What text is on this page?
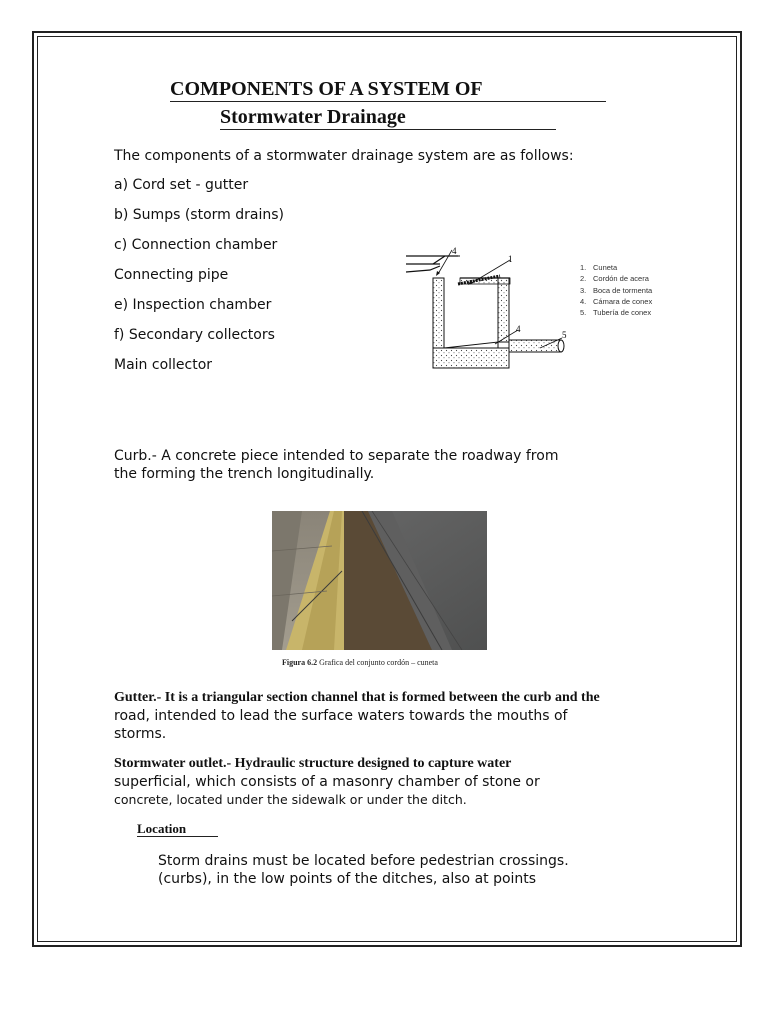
COMPONENTS OF A SYSTEM OF
Stormwater Drainage
The components of a stormwater drainage system are as follows:
a) Cord set - gutter
b) Sumps (storm drains)
c) Connection chamber
Connecting pipe
e) Inspection chamber
f) Secondary collectors
Main collector
4
1
4
5
1. Cuneta
2. Cordón de acera
3. Boca de tormenta
4. Cámara de conex
5. Tubería de conex
Curb.- A concrete piece intended to separate the roadway from the forming the trench longitudinally.
Figura 6.2 Grafica del conjunto cordón – cuneta
Gutter.- It is a triangular section channel that is formed between the curb and the
road, intended to lead the surface waters towards the mouths of storms.
Stormwater outlet.- Hydraulic structure designed to capture water
superficial, which consists of a masonry chamber of stone or
concrete, located under the sidewalk or under the ditch.
Location
Storm drains must be located before pedestrian crossings.
(curbs), in the low points of the ditches, also at points
